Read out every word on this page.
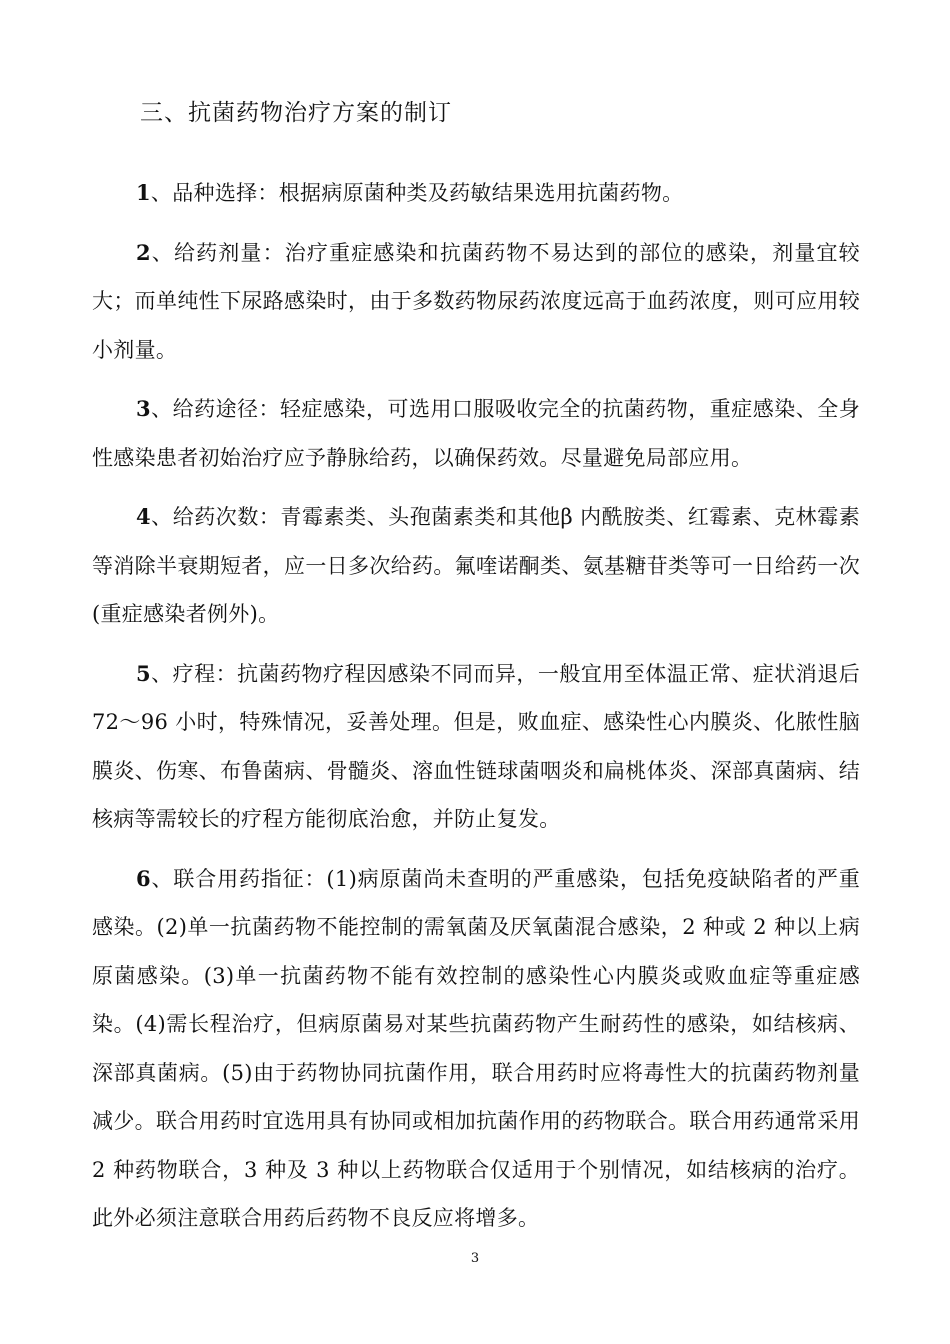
三、抗菌药物治疗方案的制订

1、品种选择：根据病原菌种类及药敏结果选用抗菌药物。

2、给药剂量：治疗重症感染和抗菌药物不易达到的部位的感染，剂量宜较大；而单纯性下尿路感染时，由于多数药物尿药浓度远高于血药浓度，则可应用较小剂量。

3、给药途径：轻症感染，可选用口服吸收完全的抗菌药物，重症感染、全身性感染患者初始治疗应予静脉给药，以确保药效。尽量避免局部应用。

4、给药次数：青霉素类、头孢菌素类和其他β 内酰胺类、红霉素、克林霉素等消除半衰期短者，应一日多次给药。氟喹诺酮类、氨基糖苷类等可一日给药一次(重症感染者例外)。

5、疗程：抗菌药物疗程因感染不同而异，一般宜用至体温正常、症状消退后 72～96 小时，特殊情况，妥善处理。但是，败血症、感染性心内膜炎、化脓性脑膜炎、伤寒、布鲁菌病、骨髓炎、溶血性链球菌咽炎和扁桃体炎、深部真菌病、结核病等需较长的疗程方能彻底治愈，并防止复发。

6、联合用药指征：(1)病原菌尚未查明的严重感染，包括免疫缺陷者的严重感染。(2)单一抗菌药物不能控制的需氧菌及厌氧菌混合感染，2 种或 2 种以上病原菌感染。(3)单一抗菌药物不能有效控制的感染性心内膜炎或败血症等重症感染。(4)需长程治疗，但病原菌易对某些抗菌药物产生耐药性的感染，如结核病、深部真菌病。(5)由于药物协同抗菌作用，联合用药时应将毒性大的抗菌药物剂量减少。联合用药时宜选用具有协同或相加抗菌作用的药物联合。联合用药通常采用 2 种药物联合，3 种及 3 种以上药物联合仅适用于个别情况，如结核病的治疗。此外必须注意联合用药后药物不良反应将增多。

3
